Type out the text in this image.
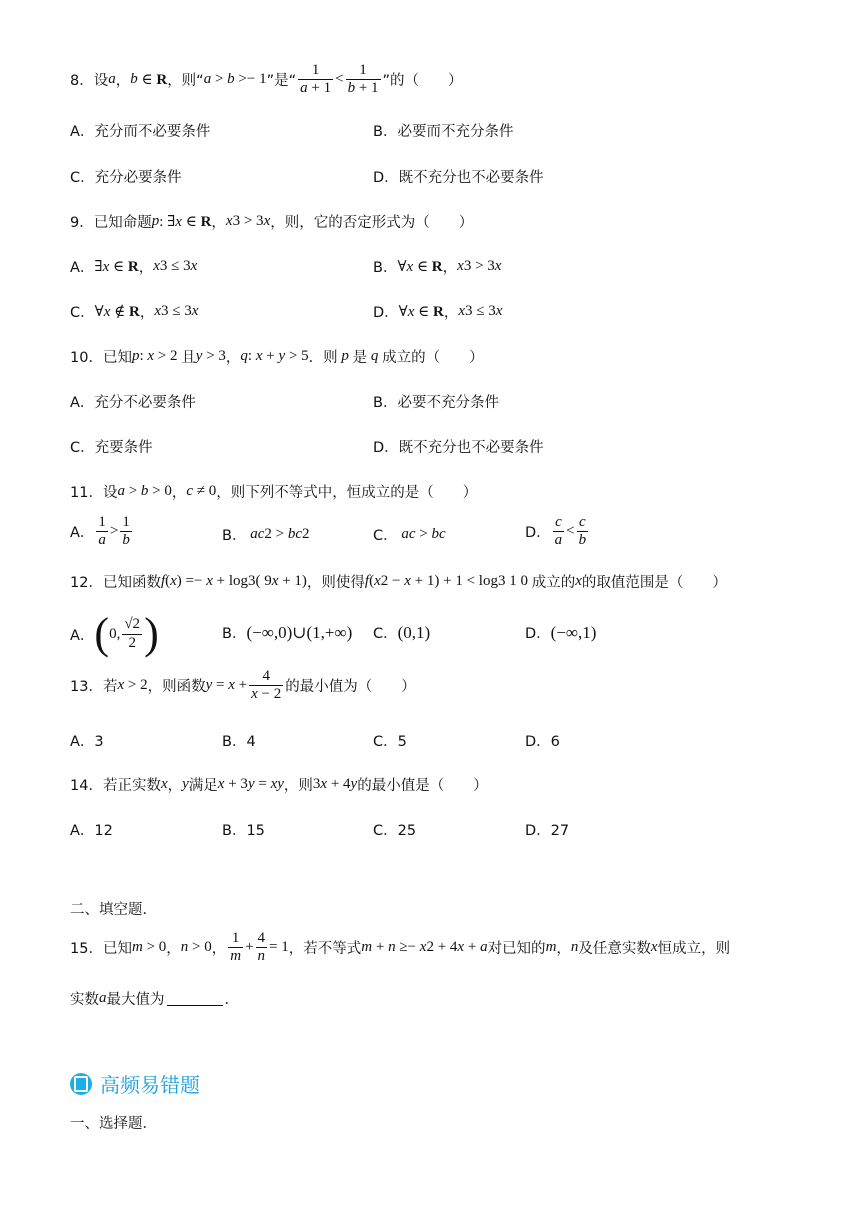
8． 设 a ， b ∈ R ，则“ a > b >− 1 ”是“ $\frac{1}{a + 1} < \frac{1}{b + 1}$ ”的（　　）
A．充分而不必要条件	B．必要而不充分条件
C．充分必要条件	D．既不充分也不必要条件
9． 已知命题 p : ∃x ∈ R ， x 3 > 3 x ，则 ，它的否定形式为（　　）
A． ∃x ∈ R ， x 3 ≤ 3 x	B． ∀x ∈ R ， x 3 > 3 x
C． ∀x ∉ R ， x 3 ≤ 3 x	D． ∀x ∈ R ， x 3 ≤ 3 x
10． 已知 p : x > 2 且 y > 3 ， q : x + y > 5 ． 则 p 是 q 成立的（　　）
A．充分不必要条件	B．必要不充分条件
C．充要条件	D．既不充分也不必要条件
11． 设 a > b > 0 ， c ≠ 0 ，则下列不等式中，恒成立的是（　　）
A． $\frac{1}{a} > \frac{1}{b}$	B． ac 2 > bc 2	C． ac > bc	D． $\frac{c}{a} < \frac{c}{b}$
12． 已知函数 f (x) =− x + log 3 ( 9 x + 1) ，则使得 f (x 2 − x + 1) + 1 < log 3 1 0 成立的 x 的取值范围是（　　）
A． ( 0, $\frac{√2}{2}$ )	B． (−∞,0)∪(1,+∞) C． (0,1)	D． (−∞,1)
13． 若 x > 2 ，则函数 $y = x + \frac{4}{x - 2}$ 的最小值为（　　）
A．3	B．4	C．5	D．6
14． 若正实数 x ， y 满足 x + 3 y = xy ，则 3 x + 4 y 的最小值是（　　）
A．12	B．15	C．25	D．27
二、填空题．
15． 已知 m > 0 ， n > 0 ， $\frac{1}{m} + \frac{4}{n} = 1$ ，若不等式 m + n ≥− x 2 + 4 x + a 对已知的 m ， n 及任意实数 x 恒成立，则
实数 a 最大值为	．
高频易错题
一、选择题．
